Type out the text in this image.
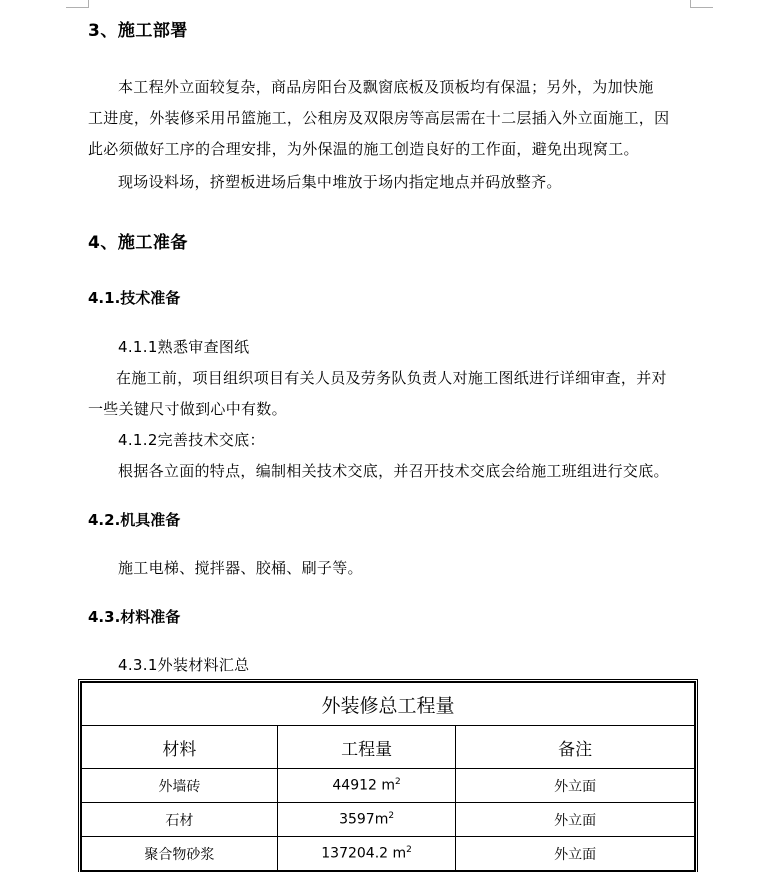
3、施工部署
本工程外立面较复杂，商品房阳台及飘窗底板及顶板均有保温；另外，为加快施
工进度，外装修采用吊篮施工，公租房及双限房等高层需在十二层插入外立面施工，因
此必须做好工序的合理安排，为外保温的施工创造良好的工作面，避免出现窝工。
现场设料场，挤塑板进场后集中堆放于场内指定地点并码放整齐。
4、施工准备
4.1.技术准备
4.1.1熟悉审查图纸
在施工前，项目组织项目有关人员及劳务队负责人对施工图纸进行详细审查，并对
一些关键尺寸做到心中有数。
4.1.2完善技术交底：
根据各立面的特点，编制相关技术交底，并召开技术交底会给施工班组进行交底。
4.2.机具准备
施工电梯、搅拌器、胶桶、刷子等。
4.3.材料准备
4.3.1外装材料汇总
外装修总工程量		
材料	工程量	备注
外墙砖	44912 $m^2$	外立面
石材	$3597m^2$	外立面
聚合物砂浆	137204.2 $m^2$	外立面
